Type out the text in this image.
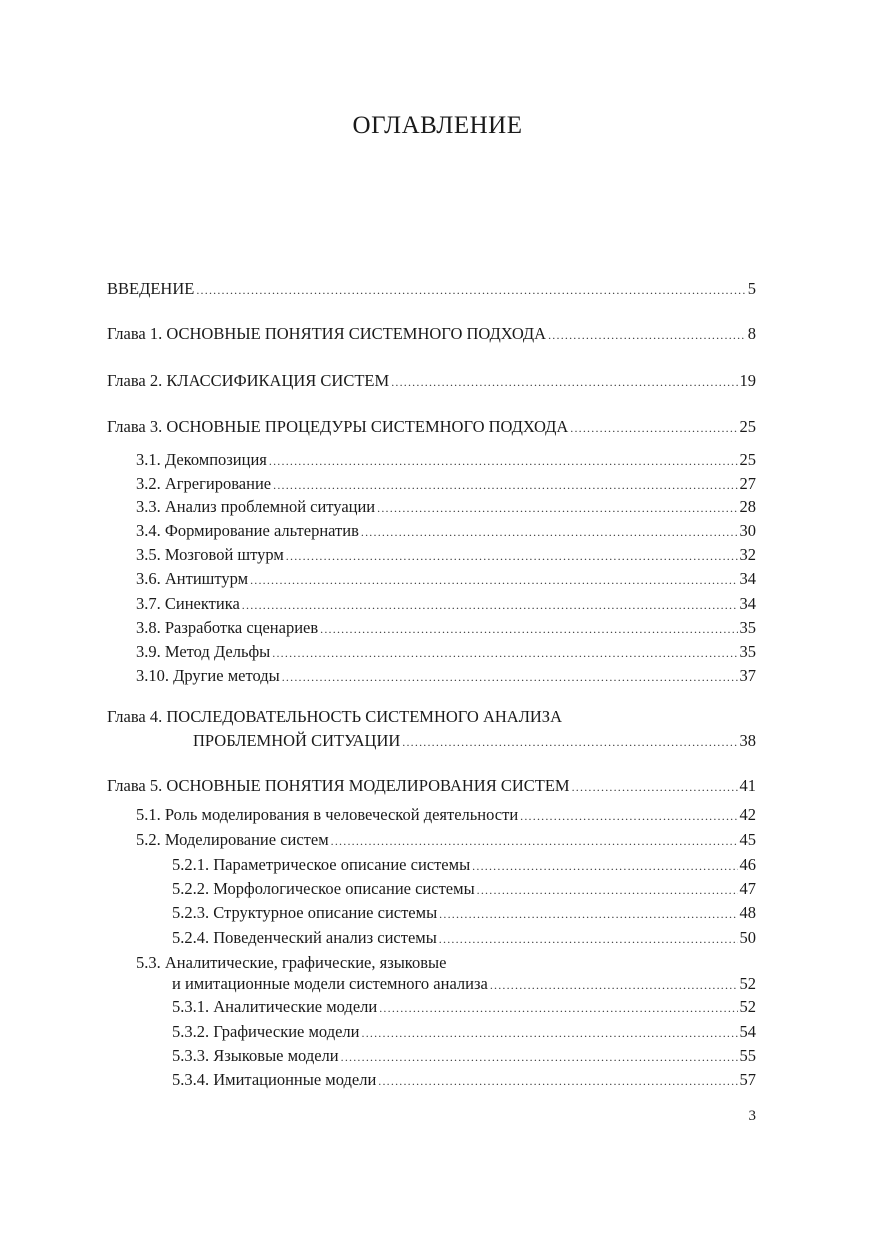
ОГЛАВЛЕНИЕ
ВВЕДЕНИЕ .....	5
Глава 1. ОСНОВНЫЕ ПОНЯТИЯ СИСТЕМНОГО ПОДХОДА .....	8
Глава 2. КЛАССИФИКАЦИЯ СИСТЕМ .....	19
Глава 3. ОСНОВНЫЕ ПРОЦЕДУРЫ СИСТЕМНОГО ПОДХОДА .....	25
3.1. Декомпозиция .....	25
3.2. Агрегирование .....	27
3.3. Анализ проблемной ситуации .....	28
3.4. Формирование альтернатив .....	30
3.5. Мозговой штурм .....	32
3.6. Антиштурм .....	34
3.7. Синектика .....	34
3.8. Разработка сценариев .....	35
3.9. Метод Дельфы .....	35
3.10. Другие методы .....	37
Глава 4. ПОСЛЕДОВАТЕЛЬНОСТЬ СИСТЕМНОГО АНАЛИЗА
ПРОБЛЕМНОЙ СИТУАЦИИ .....	38
Глава 5. ОСНОВНЫЕ ПОНЯТИЯ МОДЕЛИРОВАНИЯ СИСТЕМ .....	41
5.1. Роль моделирования в человеческой деятельности .....	42
5.2. Моделирование систем .....	45
5.2.1. Параметрическое описание системы .....	46
5.2.2. Морфологическое описание системы .....	47
5.2.3. Структурное описание системы .....	48
5.2.4. Поведенческий анализ системы .....	50
5.3. Аналитические, графические, языковые
и имитационные модели системного анализа .....	52
5.3.1. Аналитические модели .....	52
5.3.2. Графические модели .....	54
5.3.3. Языковые модели .....	55
5.3.4. Имитационные модели .....	57
3
